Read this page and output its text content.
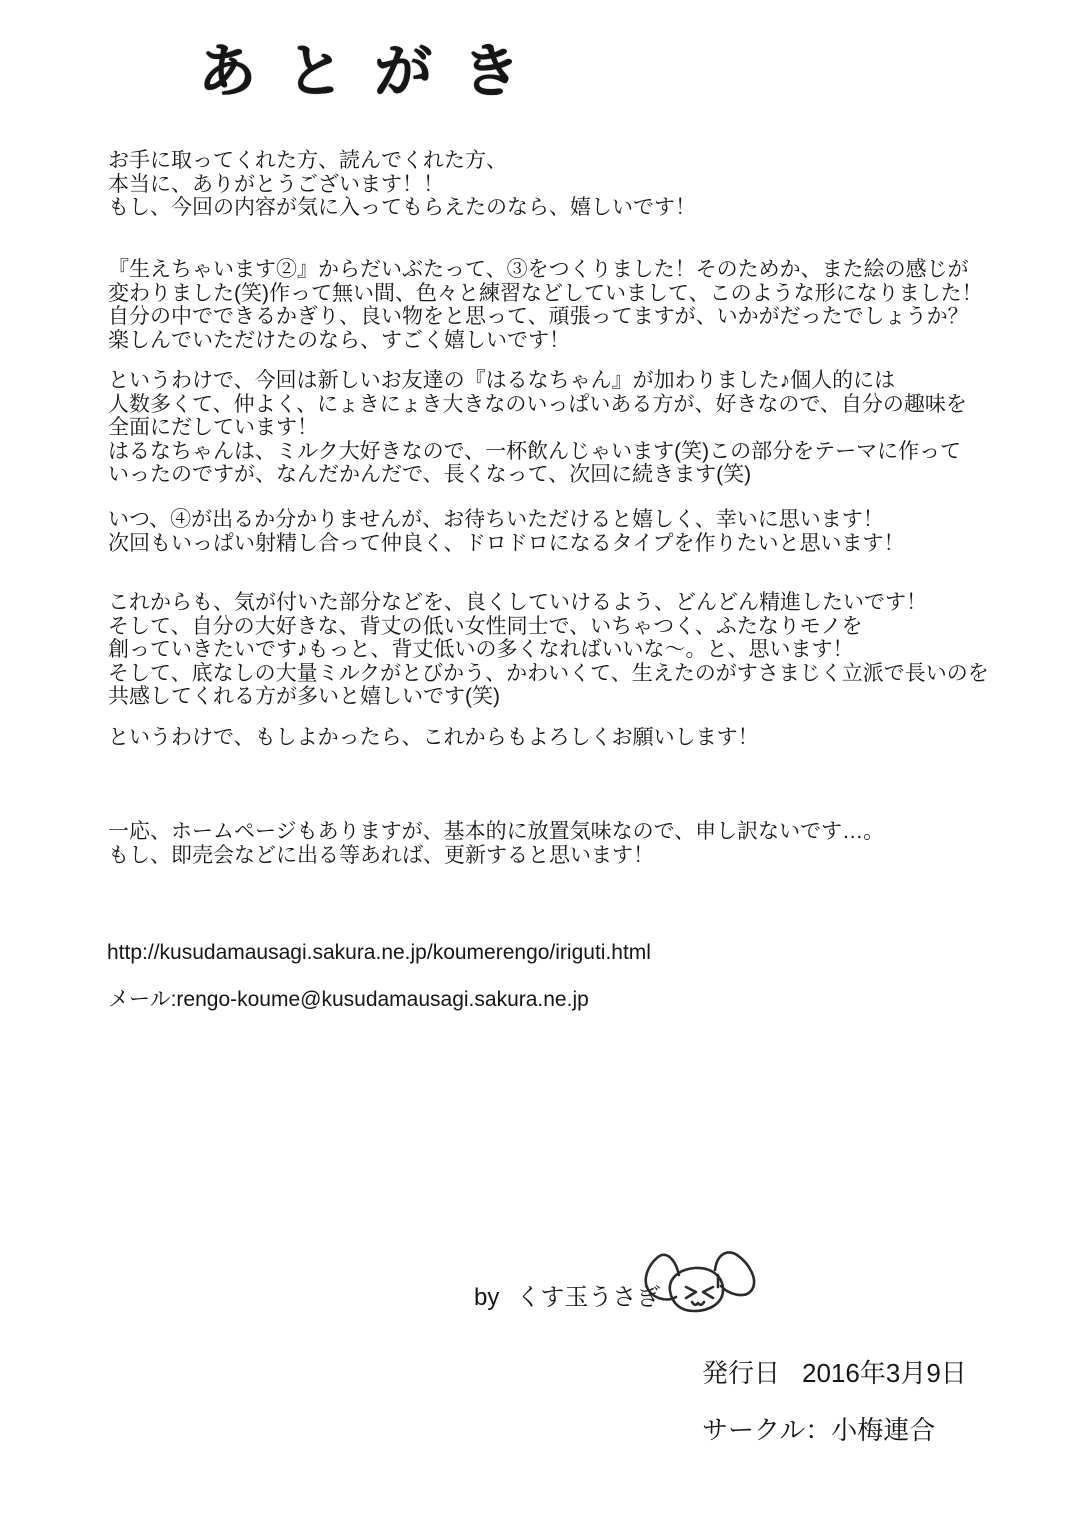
あとがき
お手に取ってくれた方、読んでくれた方、
本当に、ありがとうございます！！
もし、今回の内容が気に入ってもらえたのなら、嬉しいです！
『生えちゃいます②』からだいぶたって、③をつくりました！そのためか、また絵の感じが
変わりました(笑)作って無い間、色々と練習などしていまして、このような形になりました！
自分の中でできるかぎり、良い物をと思って、頑張ってますが、いかがだったでしょうか？
楽しんでいただけたのなら、すごく嬉しいです！
というわけで、今回は新しいお友達の『はるなちゃん』が加わりました♪個人的には
人数多くて、仲よく、にょきにょき大きなのいっぱいある方が、好きなので、自分の趣味を
全面にだしています！
はるなちゃんは、ミルク大好きなので、一杯飲んじゃいます(笑)この部分をテーマに作って
いったのですが、なんだかんだで、長くなって、次回に続きます(笑)
いつ、④が出るか分かりませんが、お待ちいただけると嬉しく、幸いに思います！
次回もいっぱい射精し合って仲良く、ドロドロになるタイプを作りたいと思います！
これからも、気が付いた部分などを、良くしていけるよう、どんどん精進したいです！
そして、自分の大好きな、背丈の低い女性同士で、いちゃつく、ふたなりモノを
創っていきたいです♪もっと、背丈低いの多くなればいいな～。と、思います！
そして、底なしの大量ミルクがとびかう、かわいくて、生えたのがすさまじく立派で長いのを
共感してくれる方が多いと嬉しいです(笑)
というわけで、もしよかったら、これからもよろしくお願いします！
一応、ホームページもありますが、基本的に放置気味なので、申し訳ないです…。
もし、即売会などに出る等あれば、更新すると思います！
http://kusudamausagi.sakura.ne.jp/koumerengo/iriguti.html
メール:rengo-koume@kusudamausagi.sakura.ne.jp
by くす玉うさぎ
発行日 2016年3月9日
サークル：小梅連合
